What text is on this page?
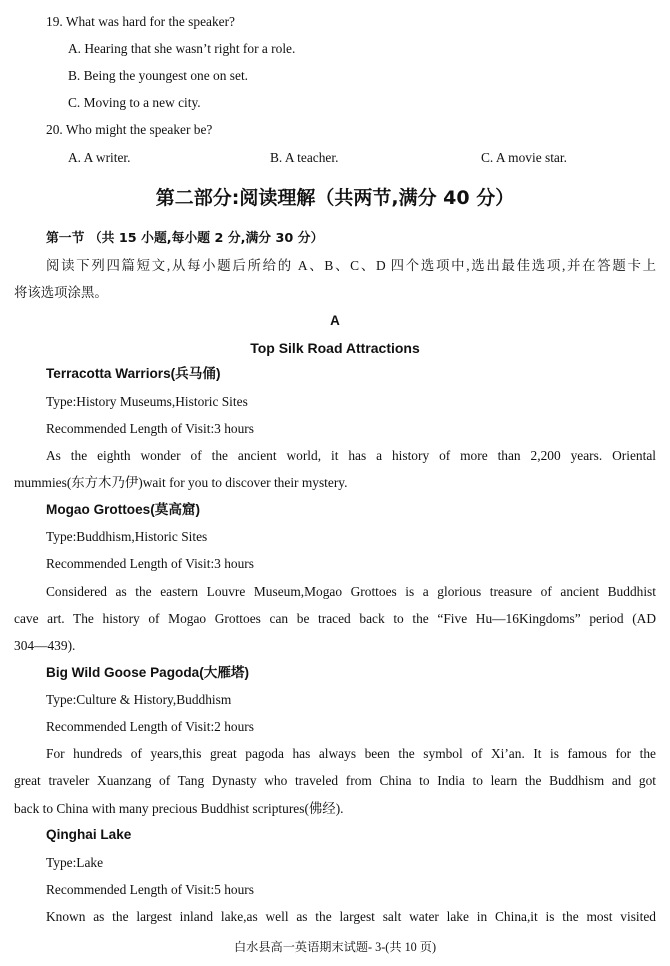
19. What was hard for the speaker?
A. Hearing that she wasn’t right for a role.
B. Being the youngest one on set.
C. Moving to a new city.
20. Who might the speaker be?
A. A writer.	B. A teacher.	C. A movie star.
第二部分:阅读理解（共两节,满分 40 分）
第一节 （共 15 小题,每小题 2 分,满分 30 分）
阅读下列四篇短文,从每小题后所给的 A、B、C、D 四个选项中,选出最佳选项,并在答题卡上
将该选项涂黑。
A
Top Silk Road Attractions
Terracotta Warriors(兵马俑)
Type:History Museums,Historic Sites
Recommended Length of Visit:3 hours
As the eighth wonder of the ancient world, it has a history of more than 2,200 years. Oriental
mummies(东方木乃伊)wait for you to discover their mystery.
Mogao Grottoes(莫高窟)
Type:Buddhism,Historic Sites
Recommended Length of Visit:3 hours
Considered as the eastern Louvre Museum,Mogao Grottoes is a glorious treasure of ancient Buddhist
cave art. The history of Mogao Grottoes can be traced back to the “Five Hu—16Kingdoms” period (AD
304—439).
Big Wild Goose Pagoda(大雁塔)
Type:Culture & History,Buddhism
Recommended Length of Visit:2 hours
For hundreds of years,this great pagoda has always been the symbol of Xi’an. It is famous for the
great traveler Xuanzang of Tang Dynasty who traveled from China to India to learn the Buddhism and got
back to China with many precious Buddhist scriptures(佛经).
Qinghai Lake
Type:Lake
Recommended Length of Visit:5 hours
Known as the largest inland lake,as well as the largest salt water lake in China,it is the most visited
白水县高一英语期末试题- 3-(共 10 页)
